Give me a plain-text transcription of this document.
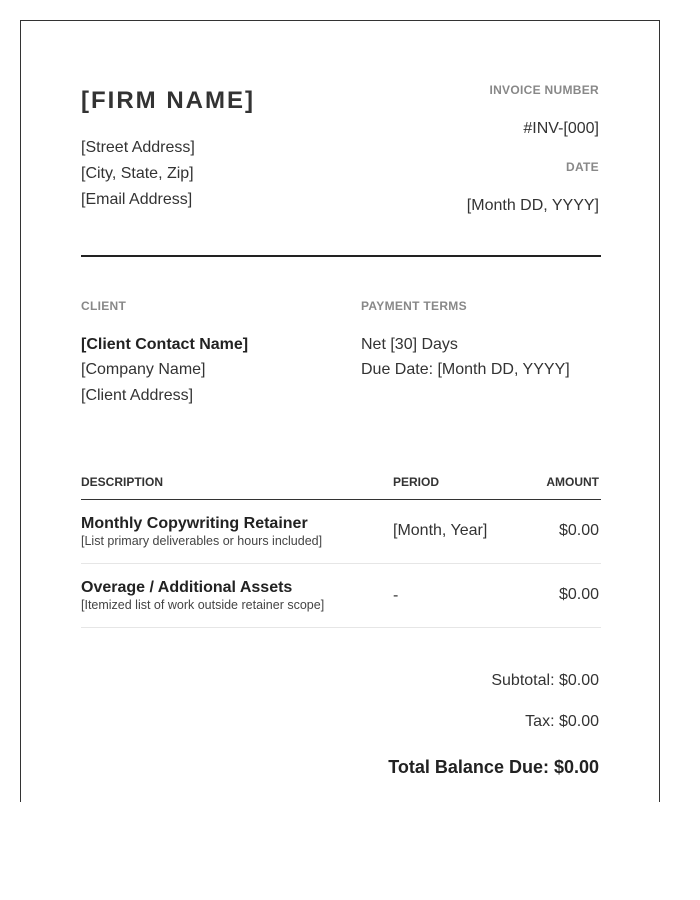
[FIRM NAME]
[Street Address]
[City, State, Zip]
[Email Address]
INVOICE NUMBER
#INV-[000]
DATE
[Month DD, YYYY]
CLIENT
[Client Contact Name]
[Company Name]
[Client Address]
PAYMENT TERMS
Net [30] Days
Due Date: [Month DD, YYYY]
DESCRIPTION	PERIOD	AMOUNT
Monthly Copywriting Retainer
[List primary deliverables or hours included]
[Month, Year]	$0.00
Overage / Additional Assets
[Itemized list of work outside retainer scope]
-	$0.00
Subtotal: $0.00
Tax: $0.00
Total Balance Due: $0.00
